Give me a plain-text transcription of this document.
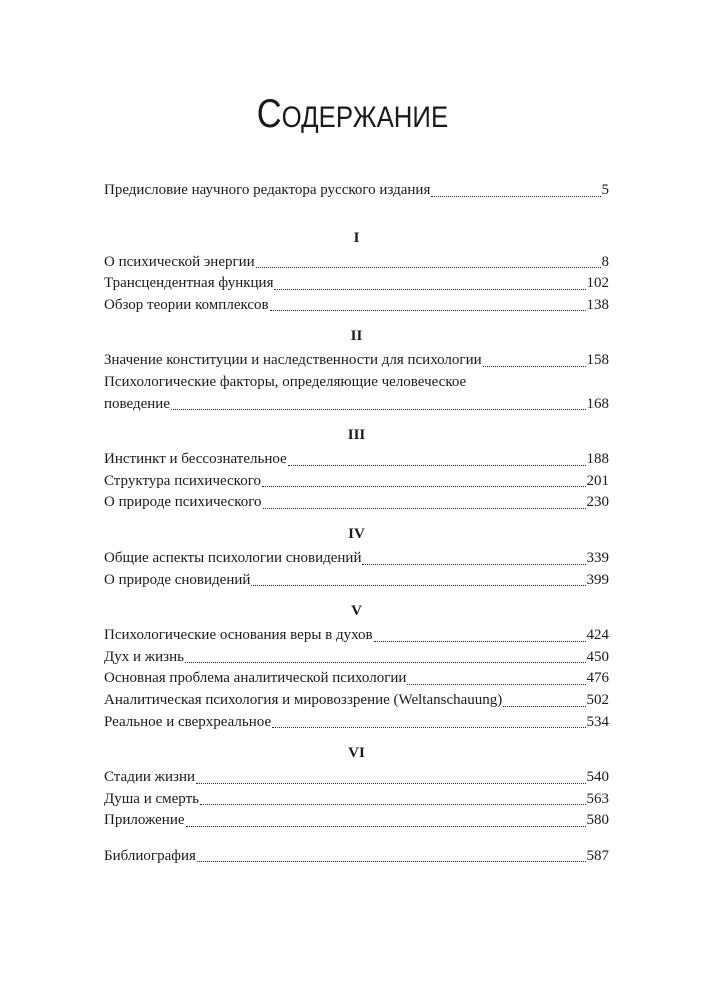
СОДЕРЖАНИЕ
Предисловие научного редактора русского издания	5
I
О психической энергии	8
Трансцендентная функция	102
Обзор теории комплексов	138
II
Значение конституции и наследственности для психологии	158
Психологические факторы, определяющие человеческое
поведение	168
III
Инстинкт и бессознательное	188
Структура психического	201
О природе психического	230
IV
Общие аспекты психологии сновидений	339
О природе сновидений	399
V
Психологические основания веры в духов	424
Дух и жизнь	450
Основная проблема аналитической психологии	476
Аналитическая психология и мировоззрение (Weltanschauung)	502
Реальное и сверхреальное	534
VI
Стадии жизни	540
Душа и смерть	563
Приложение	580
Библиография	587
